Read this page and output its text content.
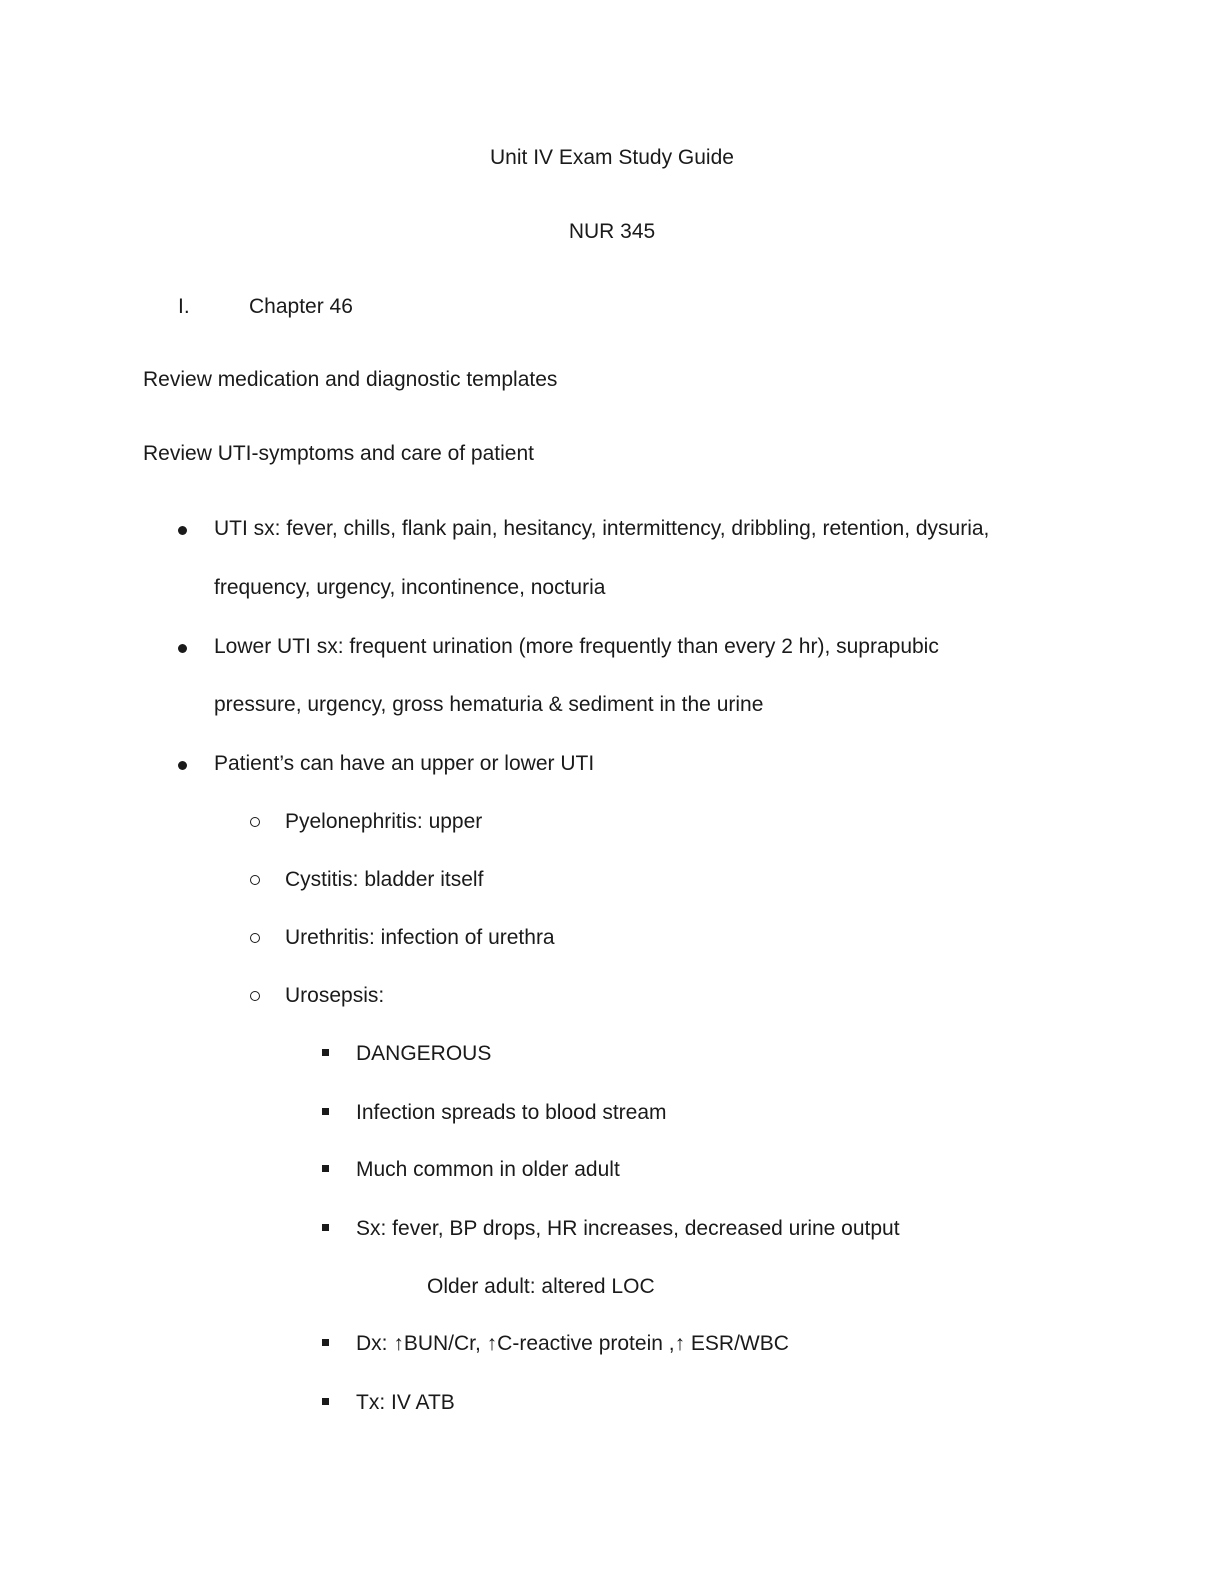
Unit IV Exam Study Guide
NUR 345
I.	Chapter 46
Review medication and diagnostic templates
Review UTI-symptoms and care of patient
UTI sx: fever, chills, flank pain, hesitancy, intermittency, dribbling, retention, dysuria,
frequency, urgency, incontinence, nocturia
Lower UTI sx: frequent urination (more frequently than every 2 hr), suprapubic
pressure, urgency, gross hematuria & sediment in the urine
Patient’s can have an upper or lower UTI
Pyelonephritis: upper
Cystitis: bladder itself
Urethritis: infection of urethra
Urosepsis:
DANGEROUS
Infection spreads to blood stream
Much common in older adult
Sx: fever, BP drops, HR increases, decreased urine output
Older adult: altered LOC
Dx: ↑BUN/Cr, ↑C-reactive protein ,↑ ESR/WBC
Tx: IV ATB
